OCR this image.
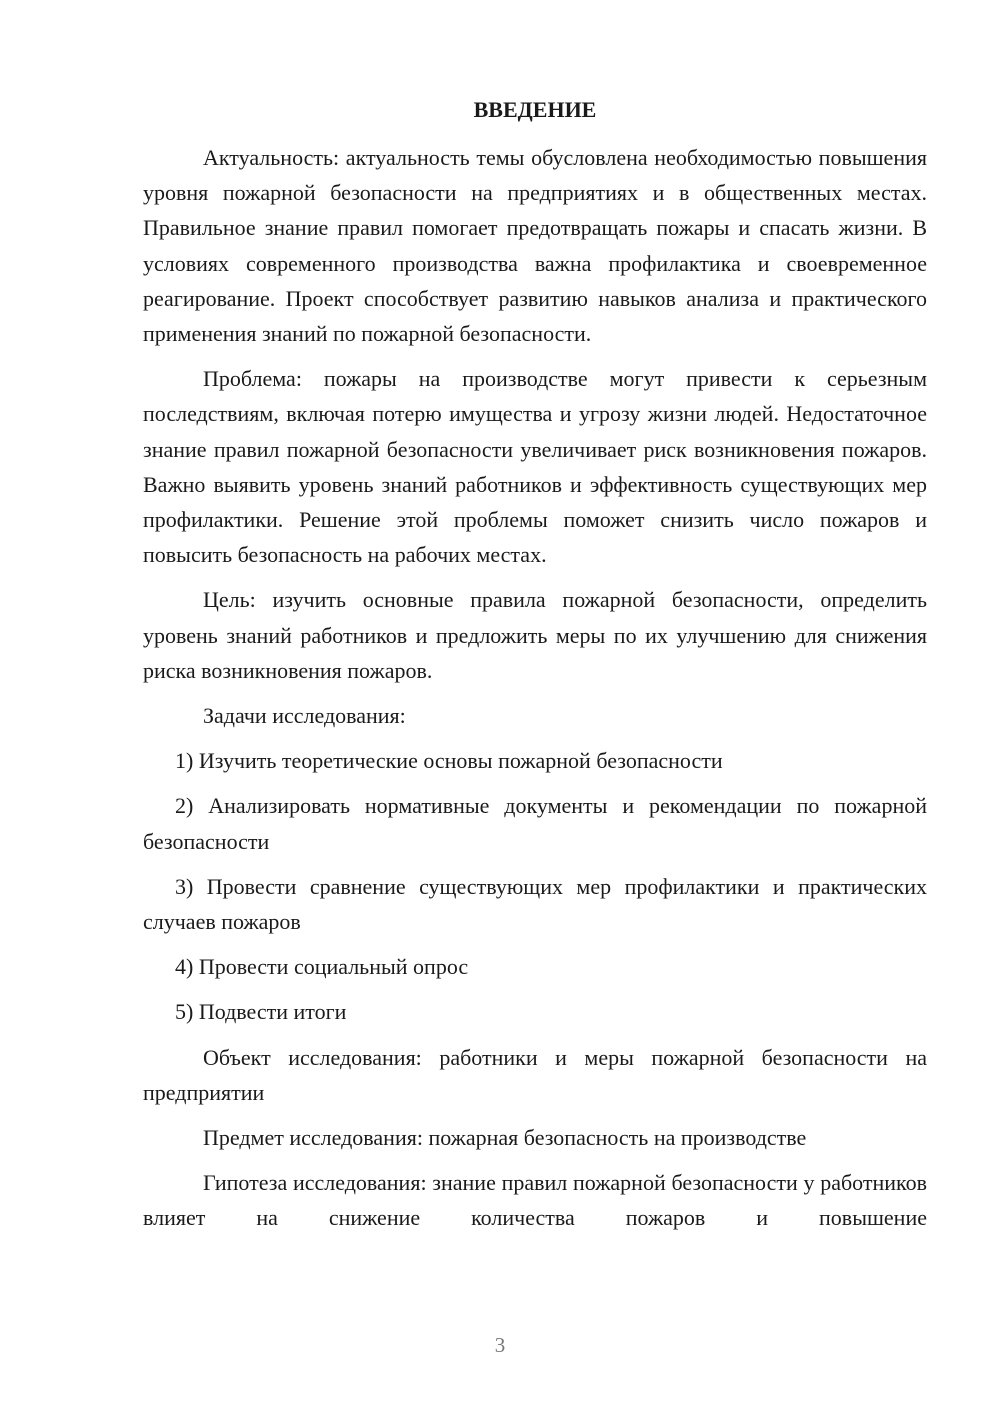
ВВЕДЕНИЕ

Актуальность: актуальность темы обусловлена необходимостью повышения уровня пожарной безопасности на предприятиях и в общественных местах. Правильное знание правил помогает предотвращать пожары и спасать жизни. В условиях современного производства важна профилактика и своевременное реагирование. Проект способствует развитию навыков анализа и практического применения знаний по пожарной безопасности.

Проблема: пожары на производстве могут привести к серьезным последствиям, включая потерю имущества и угрозу жизни людей. Недостаточное знание правил пожарной безопасности увеличивает риск возникновения пожаров. Важно выявить уровень знаний работников и эффективность существующих мер профилактики. Решение этой проблемы поможет снизить число пожаров и повысить безопасность на рабочих местах.

Цель: изучить основные правила пожарной безопасности, определить уровень знаний работников и предложить меры по их улучшению для снижения риска возникновения пожаров.

Задачи исследования:

1) Изучить теоретические основы пожарной безопасности

2) Анализировать нормативные документы и рекомендации по пожарной безопасности

3) Провести сравнение существующих мер профилактики и практических случаев пожаров

4) Провести социальный опрос

5) Подвести итоги

Объект исследования: работники и меры пожарной безопасности на предприятии

Предмет исследования: пожарная безопасность на производстве

Гипотеза исследования: знание правил пожарной безопасности у работников влияет на снижение количества пожаров и повышение

3
